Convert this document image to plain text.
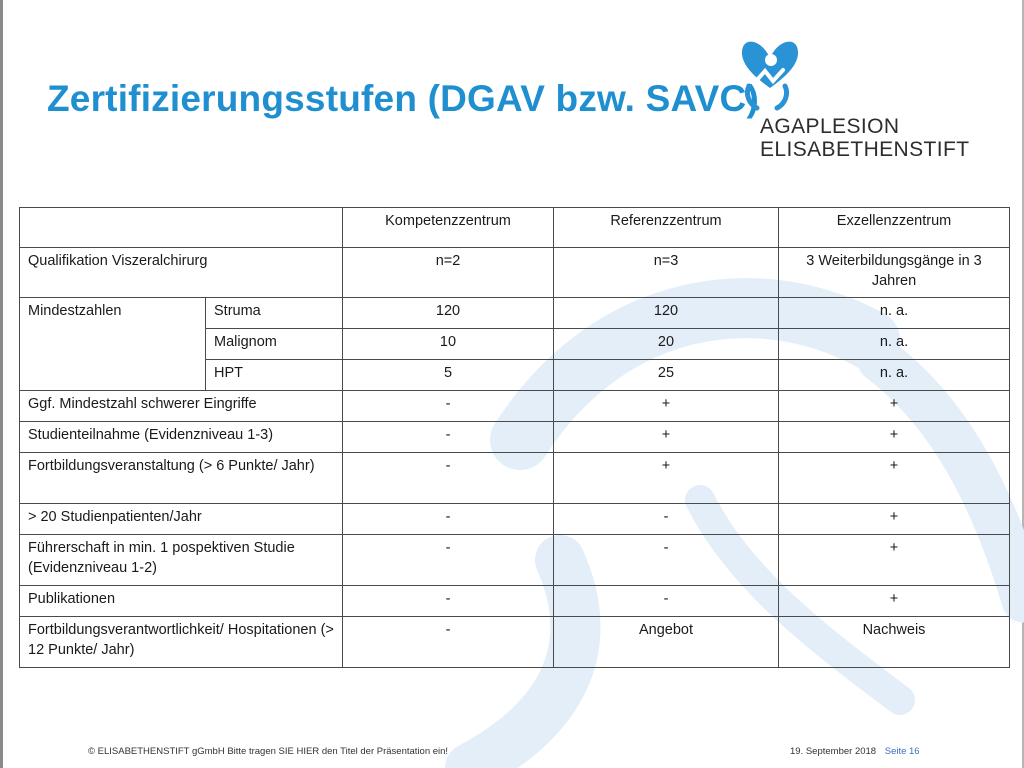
Zertifizierungsstufen (DGAV bzw. SAVC)
AGAPLESION
ELISABETHENSTIFT
		Kompetenzzentrum	Referenzzentrum	Exzellenzzentrum
Qualifikation Viszeralchirurg		n=2	n=3	3 Weiterbildungsgänge in 3 Jahren
Mindestzahlen	Struma	120	120	n. a.
	Malignom	10	20	n. a.
	HPT	5	25	n. a.
Ggf. Mindestzahl schwerer Eingriffe		-	+	+
Studienteilnahme (Evidenzniveau 1-3)		-	+	+
Fortbildungsveranstaltung (> 6 Punkte/ Jahr)		-	+	+
> 20 Studienpatienten/Jahr		-	-	+
Führerschaft in min. 1 pospektiven Studie (Evidenzniveau 1-2)		-	-	+
Publikationen		-	-	+
Fortbildungsverantwortlichkeit/ Hospitationen (> 12 Punkte/ Jahr)		-	Angebot	Nachweis
© ELISABETHENSTIFT gGmbH Bitte tragen SIE HIER den Titel der Präsentation ein!	19. September 2018 Seite 16
